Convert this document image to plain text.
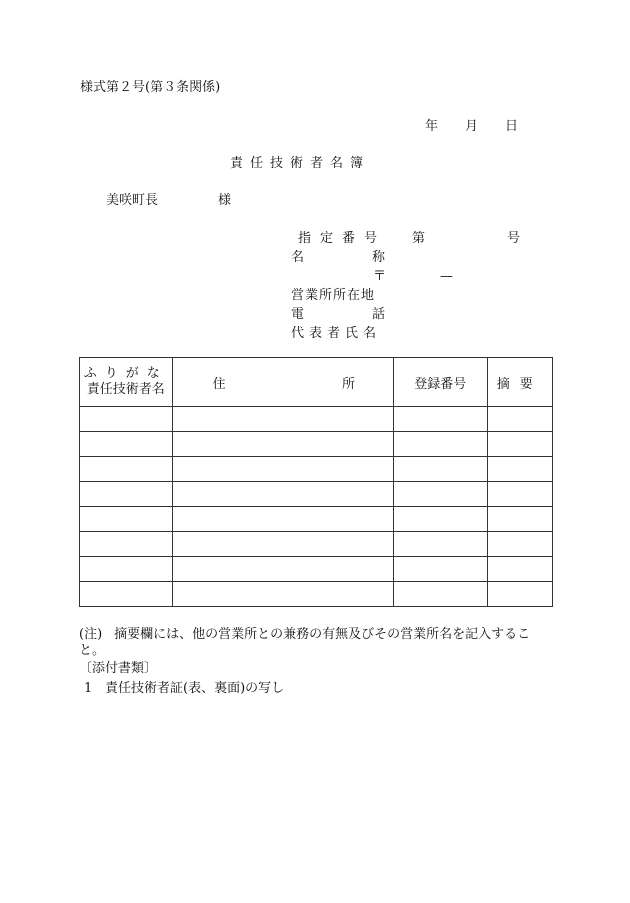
様式第２号(第３条関係)
年 月 日
責任技術者名簿
美咲町長	様
指定番号 第	号
名	称
〒	—
営業所所在地
電	話
代表者氏名
ふりがな
責任技術者名	住 所	登録番号	摘要

(注) 摘要欄には、他の営業所との兼務の有無及びその営業所名を記入するこ
と。
〔添付書類〕
1 責任技術者証(表、裏面)の写し
